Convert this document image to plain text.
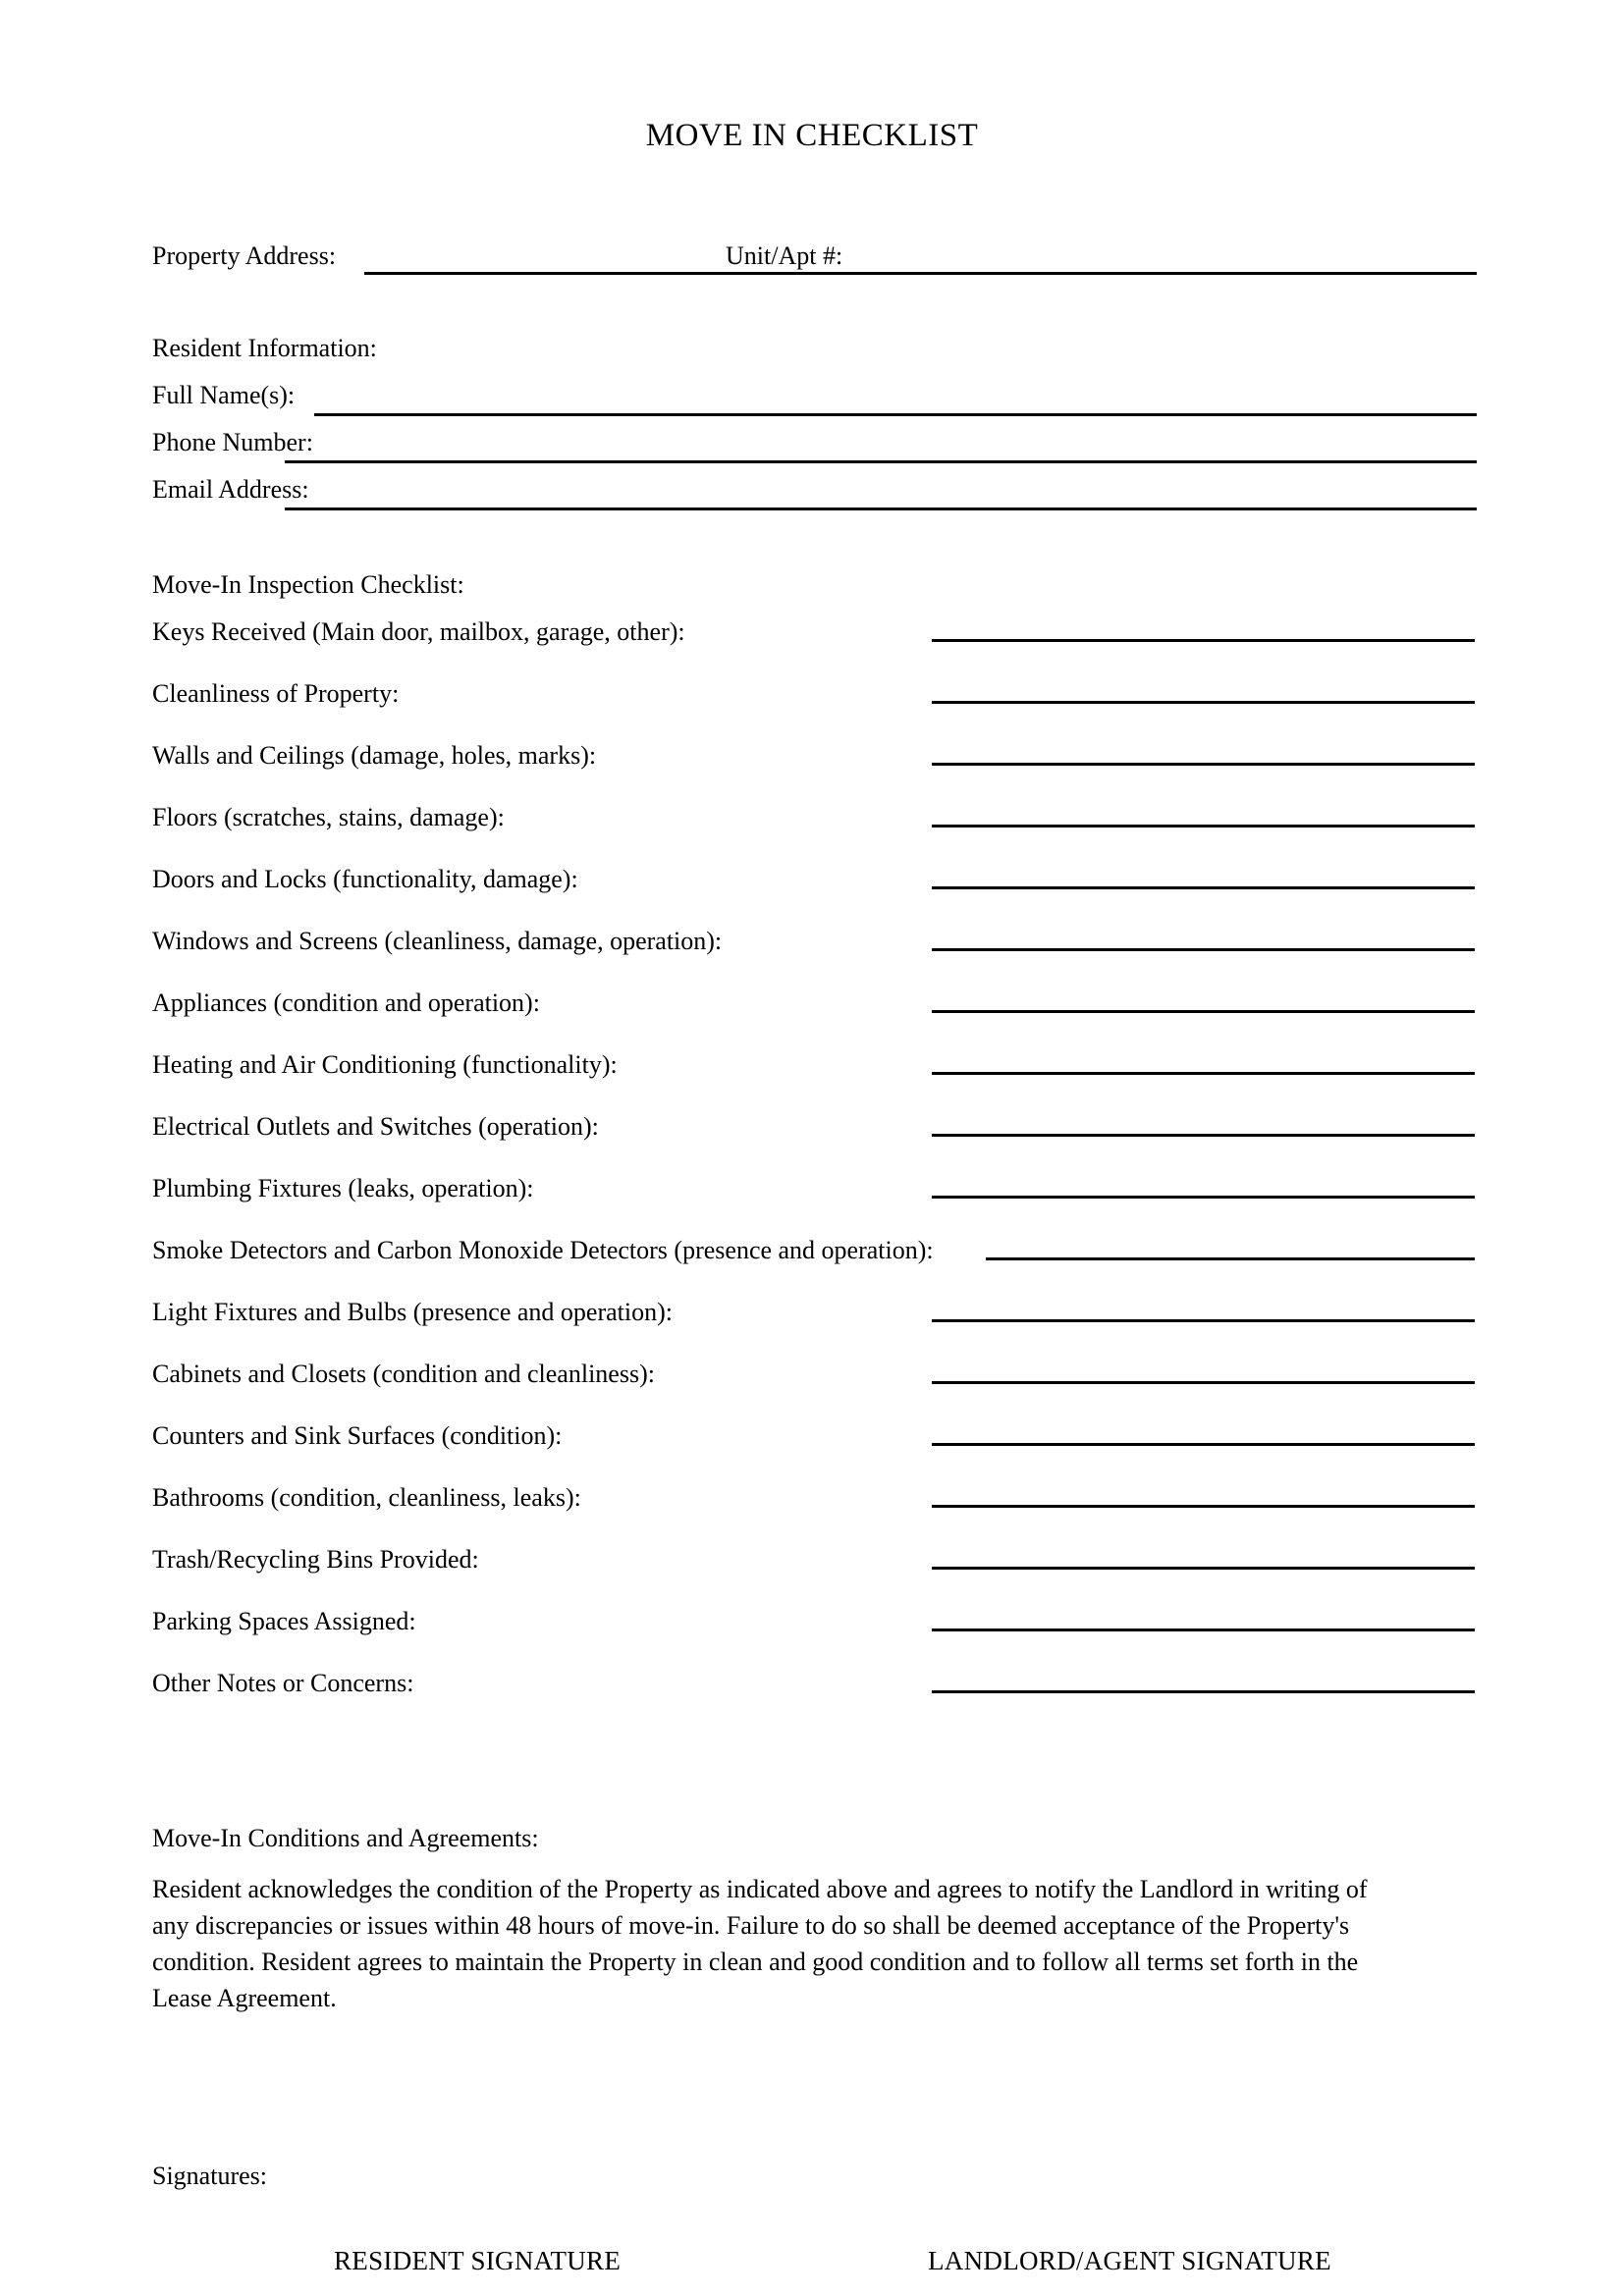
MOVE IN CHECKLIST
Property Address:	Unit/Apt #:
Resident Information:
Full Name(s):
Phone Number:
Email Address:
Move-In Inspection Checklist:
Keys Received (Main door, mailbox, garage, other):
Cleanliness of Property:
Walls and Ceilings (damage, holes, marks):
Floors (scratches, stains, damage):
Doors and Locks (functionality, damage):
Windows and Screens (cleanliness, damage, operation):
Appliances (condition and operation):
Heating and Air Conditioning (functionality):
Electrical Outlets and Switches (operation):
Plumbing Fixtures (leaks, operation):
Smoke Detectors and Carbon Monoxide Detectors (presence and operation):
Light Fixtures and Bulbs (presence and operation):
Cabinets and Closets (condition and cleanliness):
Counters and Sink Surfaces (condition):
Bathrooms (condition, cleanliness, leaks):
Trash/Recycling Bins Provided:
Parking Spaces Assigned:
Other Notes or Concerns:
Move-In Conditions and Agreements:
Resident acknowledges the condition of the Property as indicated above and agrees to notify the Landlord in writing of
any discrepancies or issues within 48 hours of move-in. Failure to do so shall be deemed acceptance of the Property's
condition. Resident agrees to maintain the Property in clean and good condition and to follow all terms set forth in the
Lease Agreement.
Signatures:
RESIDENT SIGNATURE	LANDLORD/AGENT SIGNATURE
